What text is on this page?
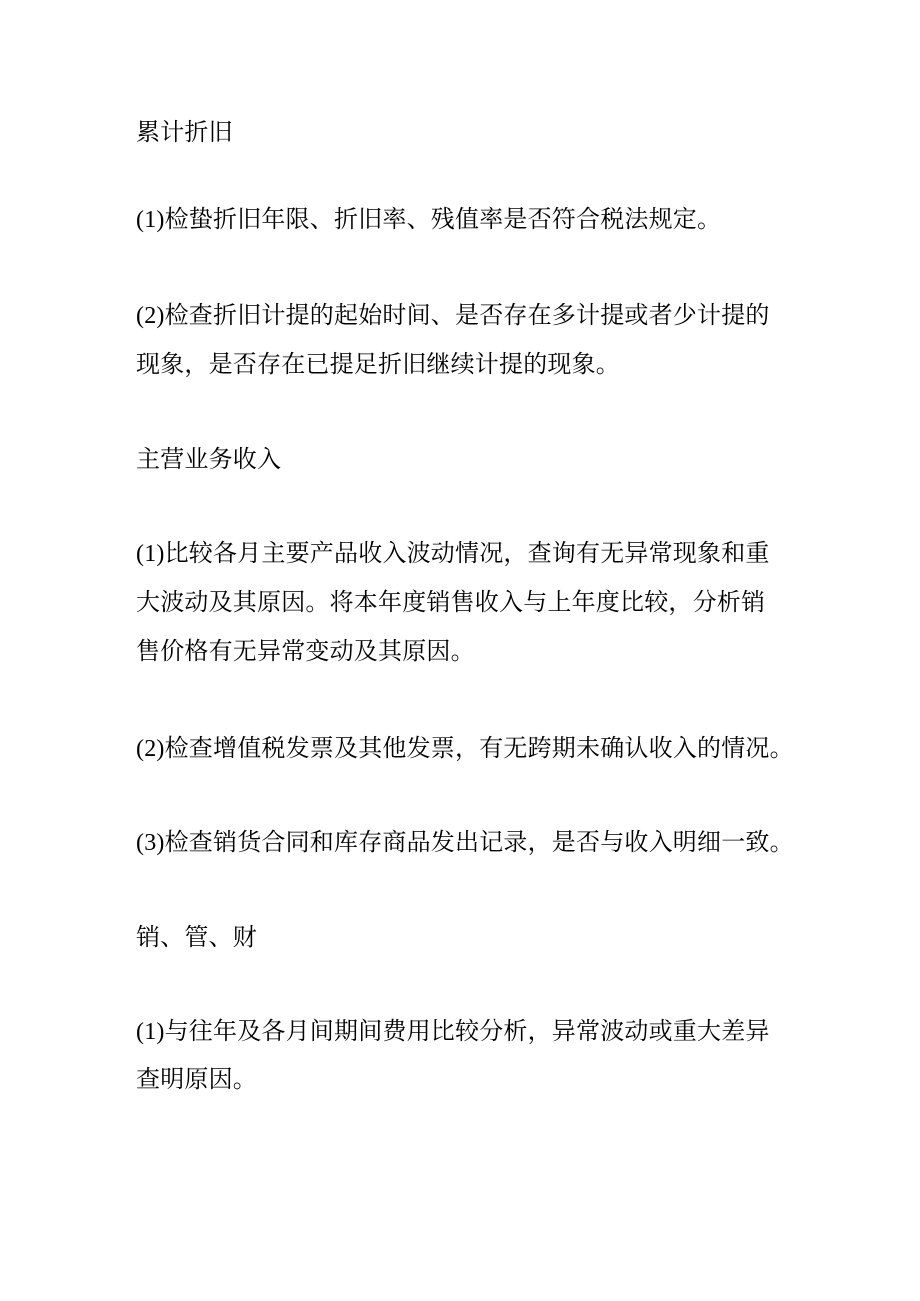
累计折旧
(1)检蛰折旧年限、折旧率、残值率是否符合税法规定。
(2)检查折旧计提的起始时间、是否存在多计提或者少计提的
现象，是否存在已提足折旧继续计提的现象。
主营业务收入
(1)比较各月主要产品收入波动情况，查询有无异常现象和重
大波动及其原因。将本年度销售收入与上年度比较，分析销
售价格有无异常变动及其原因。
(2)检查增值税发票及其他发票，有无跨期未确认收入的情况。
(3)检查销货合同和库存商品发出记录，是否与收入明细一致。
销、管、财
(1)与往年及各月间期间费用比较分析，异常波动或重大差异
查明原因。
